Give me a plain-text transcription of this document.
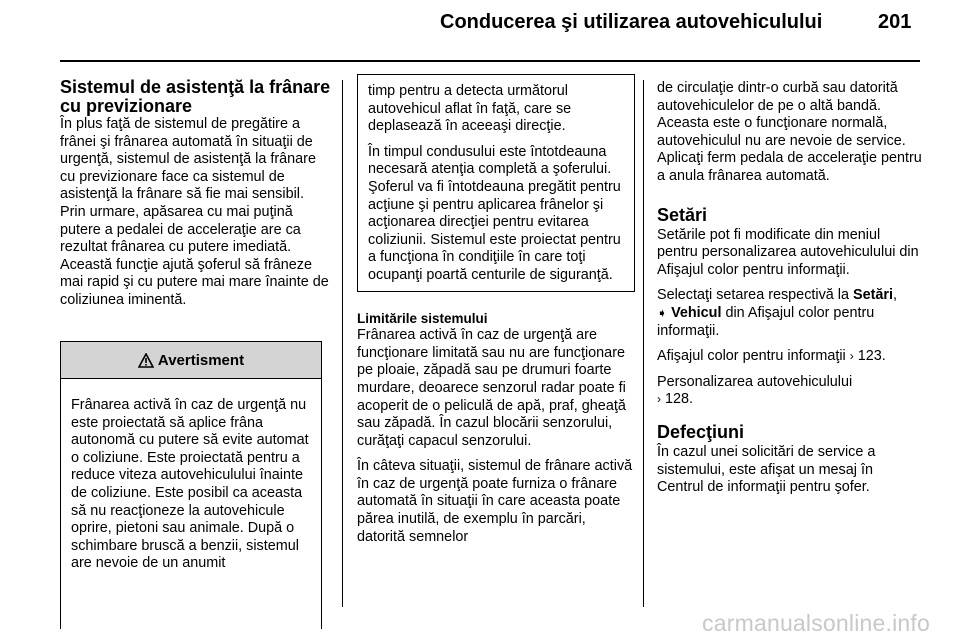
Conducerea şi utilizarea autovehiculului	201
Sistemul de asistenţă la frânare cu previzionare

În plus faţă de sistemul de pregătire a frânei şi frânarea automată în situaţii de urgenţă, sistemul de asistenţă la frânare cu previzionare face ca sistemul de asistenţă la frânare să fie mai sensibil. Prin urmare, apăsarea cu mai puţină putere a pedalei de acceleraţie are ca rezultat frânarea cu putere imediată. Această funcţie ajută şoferul să frâneze mai rapid şi cu putere mai mare înainte de coliziunea iminentă.

Avertisment
Frânarea activă în caz de urgenţă nu este proiectată să aplice frâna autonomă cu putere să evite automat o coliziune. Este proiectată pentru a reduce viteza autovehiculului înainte de coliziune. Este posibil ca aceasta să nu reacţioneze la autovehicule oprire, pietoni sau animale. După o schimbare bruscă a benzii, sistemul are nevoie de un anumit

timp pentru a detecta următorul autovehicul aflat în faţă, care se deplasează în aceeaşi direcţie.

În timpul condusului este întotdeauna necesară atenţia completă a şoferului. Şoferul va fi întotdeauna pregătit pentru acţiune şi pentru aplicarea frânelor şi acţionarea direcţiei pentru evitarea coliziunii. Sistemul este proiectat pentru a funcţiona în condiţiile în care toţi ocupanţi poartă centurile de siguranţă.

Limitările sistemului

Frânarea activă în caz de urgenţă are funcţionare limitată sau nu are funcţionare pe ploaie, zăpadă sau pe drumuri foarte murdare, deoarece senzorul radar poate fi acoperit de o peliculă de apă, praf, gheaţă sau zăpadă. În cazul blocării senzorului, curăţaţi capacul senzorului.

În câteva situaţii, sistemul de frânare activă în caz de urgenţă poate furniza o frânare automată în situaţii în care aceasta poate părea inutilă, de exemplu în parcări, datorită semnelor

de circulaţie dintr-o curbă sau datorită autovehiculelor de pe o altă bandă. Aceasta este o funcţionare normală, autovehiculul nu are nevoie de service. Aplicaţi ferm pedala de acceleraţie pentru a anula frânarea automată.

Setări

Setările pot fi modificate din meniul pentru personalizarea autovehiculului din Afişajul color pentru informaţii.

Selectaţi setarea respectivă la Setări,
➧ Vehicul din Afişajul color pentru informaţii.

Afişajul color pentru informaţii › 123.

Personalizarea autovehiculului
› 128.

Defecţiuni

În cazul unei solicitări de service a sistemului, este afişat un mesaj în Centrul de informaţii pentru şofer.

carmanualsonline.info
